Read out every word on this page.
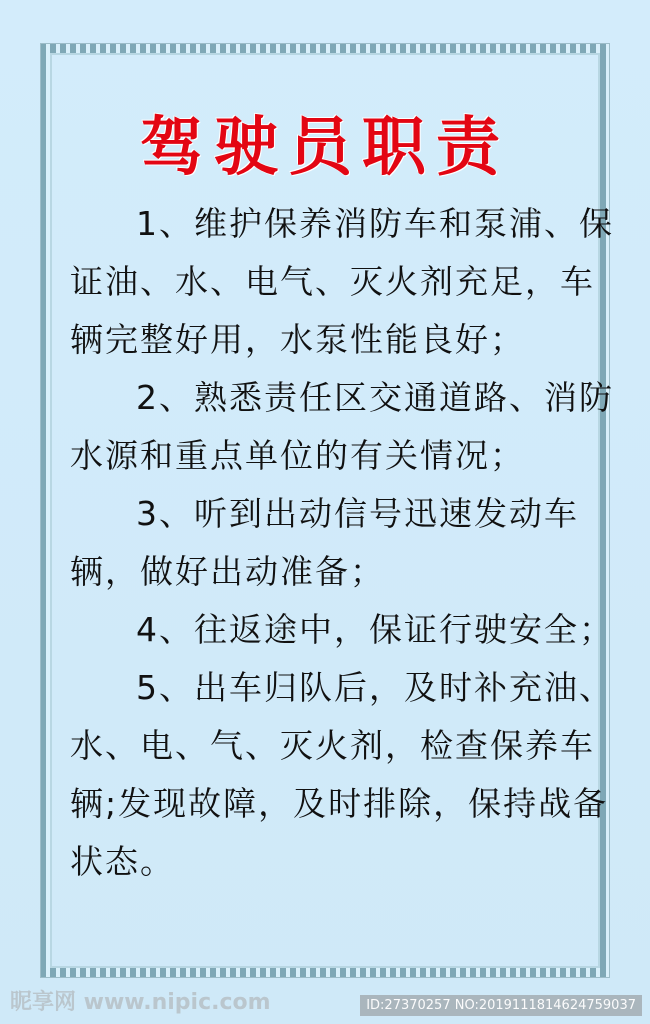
驾驶员职责

1、维护保养消防车和泵浦、保证油、水、电气、灭火剂充足，车辆完整好用，水泵性能良好；

2、熟悉责任区交通道路、消防水源和重点单位的有关情况；

3、听到出动信号迅速发动车辆，做好出动准备；

4、往返途中，保证行驶安全；

5、出车归队后，及时补充油、水、电、气、灭火剂，检查保养车辆;发现故障，及时排除，保持战备状态。

昵享网 www.nipic.com	ID:27370257 NO:20191118146247590​37
